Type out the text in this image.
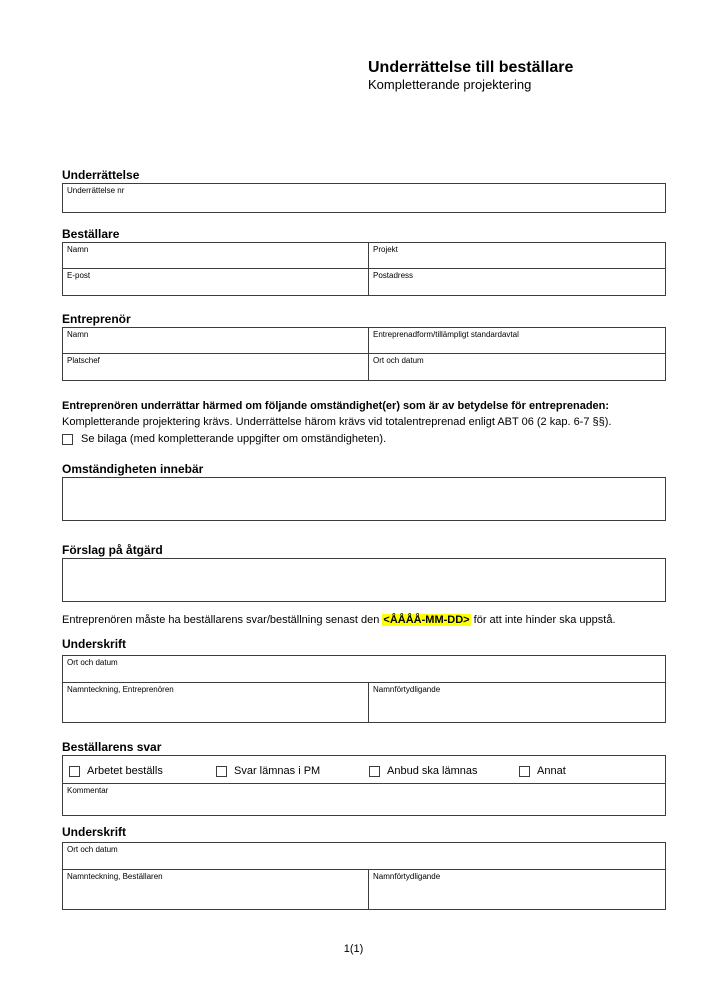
Underrättelse till beställare
Kompletterande projektering
Underrättelse
Underrättelse nr
Beställare
Namn	Projekt
E-post	Postadress
Entreprenör
Namn	Entreprenadform/tillämpligt standardavtal
Platschef	Ort och datum
Entreprenören underrättar härmed om följande omständighet(er) som är av betydelse för entreprenaden:
Kompletterande projektering krävs. Underrättelse härom krävs vid totalentreprenad enligt ABT 06 (2 kap. 6-7 §§).
Se bilaga (med kompletterande uppgifter om omständigheten).
Omständigheten innebär
Förslag på åtgärd
Entreprenören måste ha beställarens svar/beställning senast den <ÅÅÅÅ-MM-DD> för att inte hinder ska uppstå.
Underskrift
Ort och datum
Namnteckning, Entreprenören	Namnförtydligande
Beställarens svar
Arbetet beställs	Svar lämnas i PM	Anbud ska lämnas	Annat
Kommentar
Underskrift
Ort och datum
Namnteckning, Beställaren	Namnförtydligande
1(1)
